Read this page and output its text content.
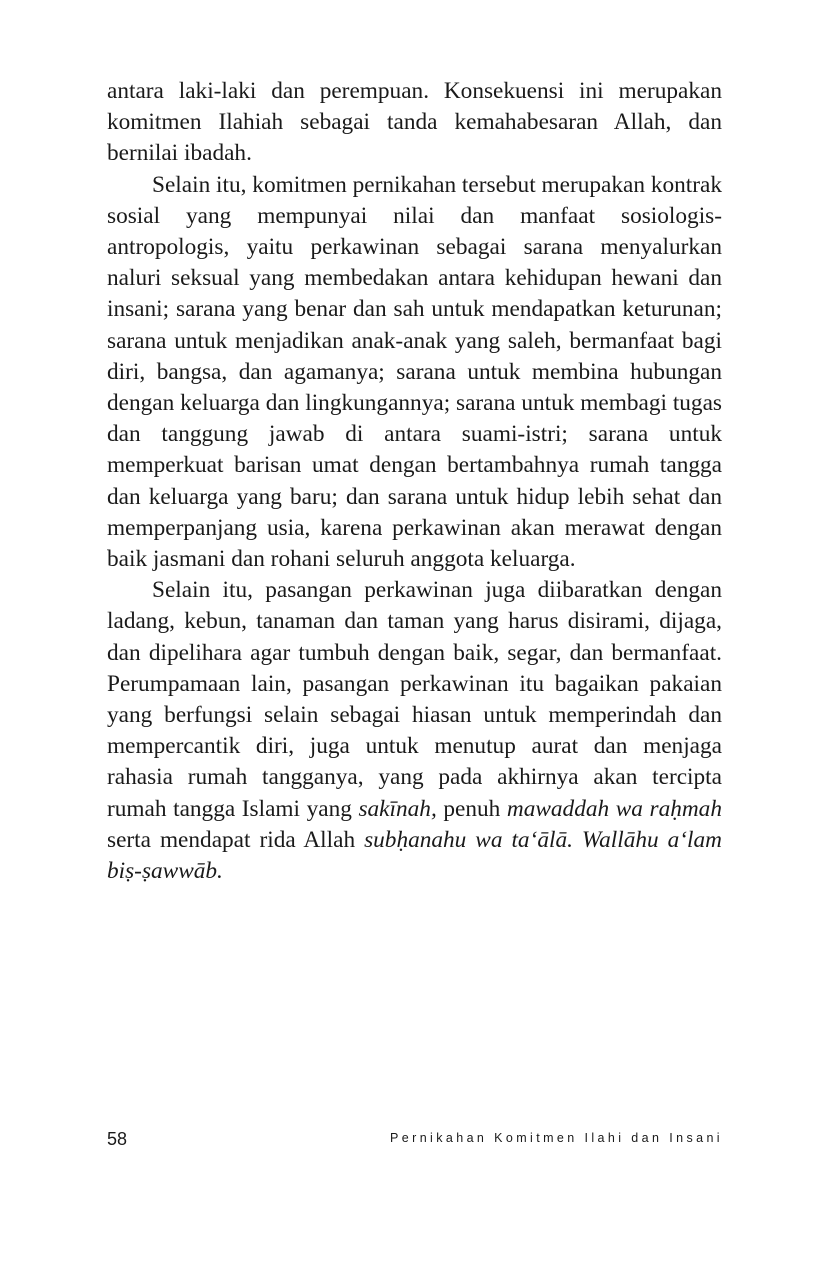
antara laki-laki dan perempuan. Konsekuensi ini merupakan komitmen Ilahiah sebagai tanda kemahabesaran Allah, dan bernilai ibadah.

Selain itu, komitmen pernikahan tersebut merupakan kontrak sosial yang mempunyai nilai dan manfaat sosiologis-antropologis, yaitu perkawinan sebagai sarana menyalurkan naluri seksual yang membedakan antara kehidupan hewani dan insani; sarana yang benar dan sah untuk mendapatkan keturunan; sarana untuk menjadikan anak-anak yang saleh, bermanfaat bagi diri, bangsa, dan agamanya; sarana untuk membina hubungan dengan keluarga dan lingkungannya; sarana untuk membagi tugas dan tanggung jawab di antara suami-istri; sarana untuk memperkuat barisan umat dengan bertambahnya rumah tangga dan keluarga yang baru; dan sarana untuk hidup lebih sehat dan memperpanjang usia, karena perkawinan akan merawat dengan baik jasmani dan rohani seluruh anggota keluarga.

Selain itu, pasangan perkawinan juga diibaratkan dengan ladang, kebun, tanaman dan taman yang harus disirami, dijaga, dan dipelihara agar tumbuh dengan baik, segar, dan bermanfaat. Perumpamaan lain, pasangan perkawinan itu bagaikan pakaian yang berfungsi selain sebagai hiasan untuk memperindah dan mempercantik diri, juga untuk menutup aurat dan menjaga rahasia rumah tangganya, yang pada akhirnya akan tercipta rumah tangga Islami yang sakīnah, penuh mawaddah wa raḥmah serta mendapat rida Allah subḥanahu wa ta‘ālā. Wallāhu a‘lam biṣ-ṣawwāb.

58	Pernikahan Komitmen Ilahi dan Insani
